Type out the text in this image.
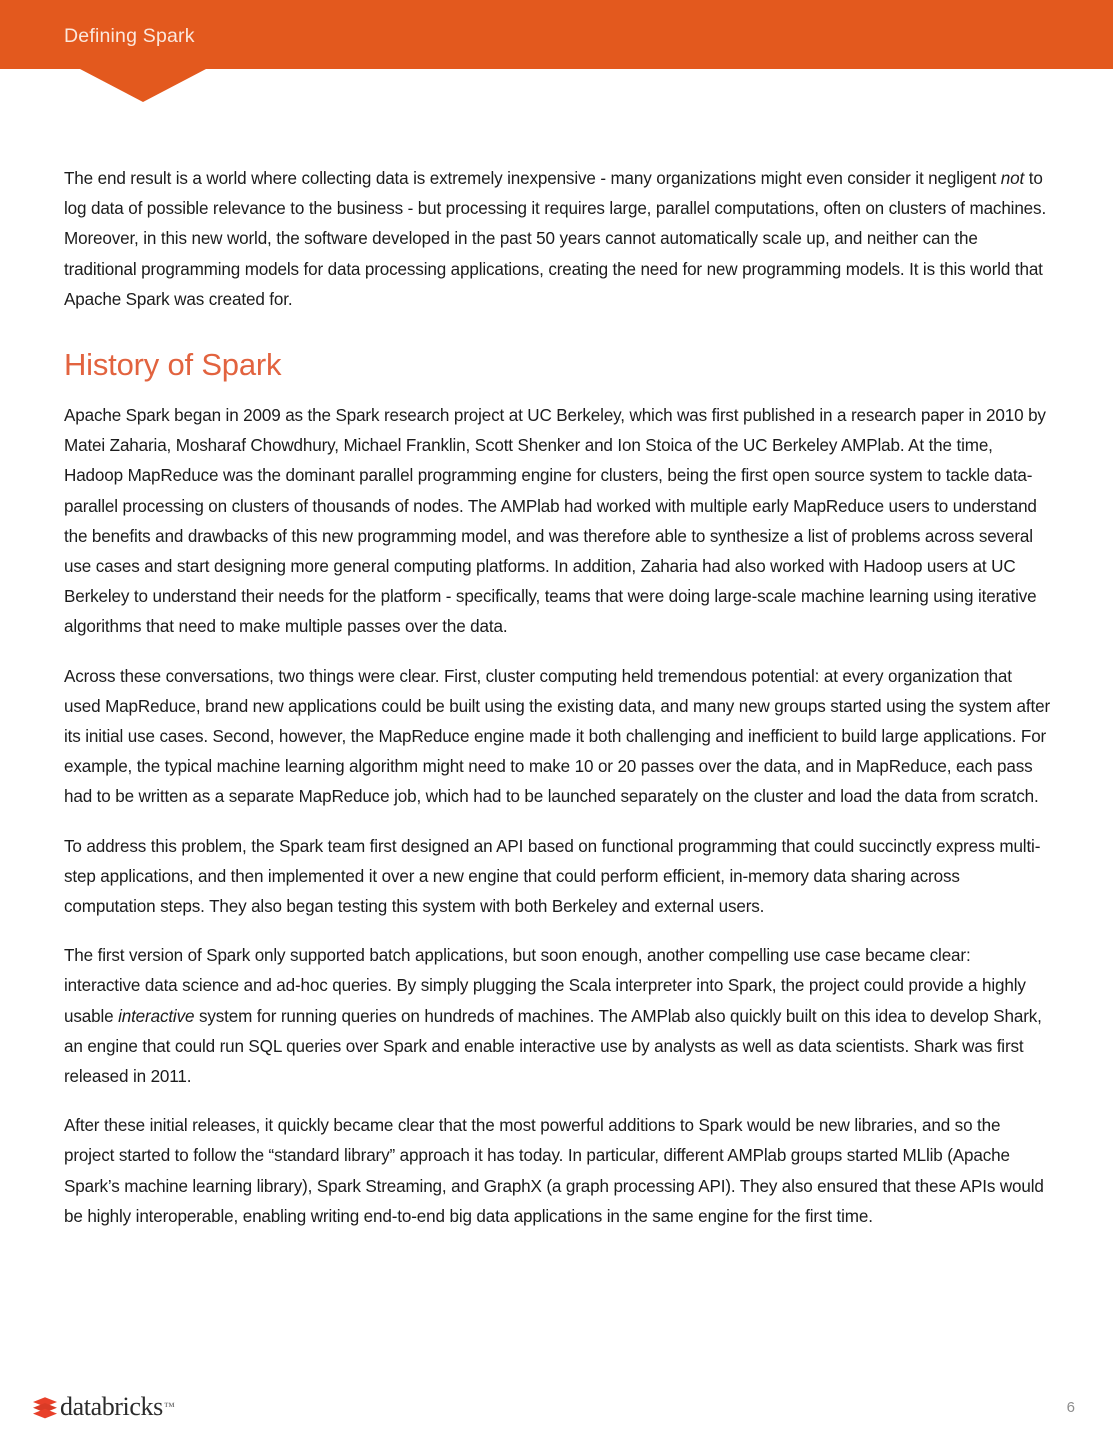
Defining Spark

The end result is a world where collecting data is extremely inexpensive - many organizations might even consider it negligent not to log data of possible relevance to the business - but processing it requires large, parallel computations, often on clusters of machines. Moreover, in this new world, the software developed in the past 50 years cannot automatically scale up, and neither can the traditional programming models for data processing applications, creating the need for new programming models. It is this world that Apache Spark was created for.

History of Spark

Apache Spark began in 2009 as the Spark research project at UC Berkeley, which was first published in a research paper in 2010 by Matei Zaharia, Mosharaf Chowdhury, Michael Franklin, Scott Shenker and Ion Stoica of the UC Berkeley AMPlab. At the time, Hadoop MapReduce was the dominant parallel programming engine for clusters, being the first open source system to tackle data-parallel processing on clusters of thousands of nodes. The AMPlab had worked with multiple early MapReduce users to understand the benefits and drawbacks of this new programming model, and was therefore able to synthesize a list of problems across several use cases and start designing more general computing platforms. In addition, Zaharia had also worked with Hadoop users at UC Berkeley to understand their needs for the platform - specifically, teams that were doing large-scale machine learning using iterative algorithms that need to make multiple passes over the data.

Across these conversations, two things were clear. First, cluster computing held tremendous potential: at every organization that used MapReduce, brand new applications could be built using the existing data, and many new groups started using the system after its initial use cases. Second, however, the MapReduce engine made it both challenging and inefficient to build large applications. For example, the typical machine learning algorithm might need to make 10 or 20 passes over the data, and in MapReduce, each pass had to be written as a separate MapReduce job, which had to be launched separately on the cluster and load the data from scratch.

To address this problem, the Spark team first designed an API based on functional programming that could succinctly express multi-step applications, and then implemented it over a new engine that could perform efficient, in-memory data sharing across computation steps. They also began testing this system with both Berkeley and external users.

The first version of Spark only supported batch applications, but soon enough, another compelling use case became clear: interactive data science and ad-hoc queries. By simply plugging the Scala interpreter into Spark, the project could provide a highly usable interactive system for running queries on hundreds of machines. The AMPlab also quickly built on this idea to develop Shark, an engine that could run SQL queries over Spark and enable interactive use by analysts as well as data scientists. Shark was first released in 2011.

After these initial releases, it quickly became clear that the most powerful additions to Spark would be new libraries, and so the project started to follow the “standard library” approach it has today. In particular, different AMPlab groups started MLlib (Apache Spark’s machine learning library), Spark Streaming, and GraphX (a graph processing API). They also ensured that these APIs would be highly interoperable, enabling writing end-to-end big data applications in the same engine for the first time.

databricks ™	6
